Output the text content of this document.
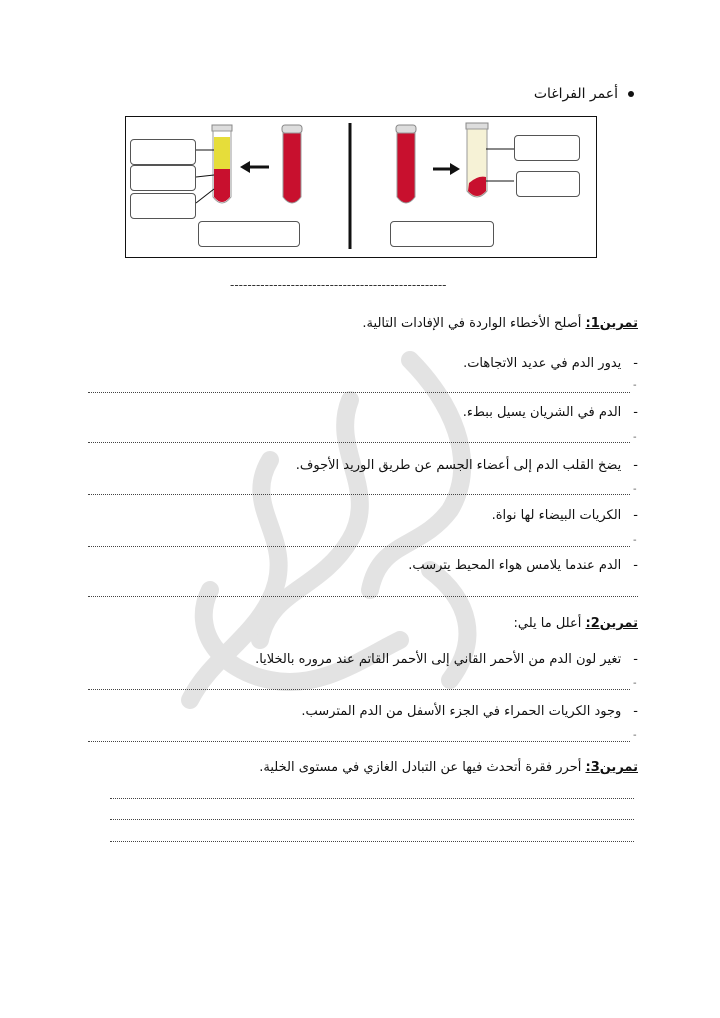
أعمر الفراغات
--------------------------------------------------
تمرين1: أصلح الأخطاء الواردة في الإفادات التالية.
-يدور الدم في عديد الاتجاهات.
-
-الدم في الشريان يسيل ببطء.
-
-يضخ القلب الدم إلى أعضاء الجسم عن طريق الوريد الأجوف.
-
-الكريات البيضاء لها نواة.
-
-الدم عندما يلامس هواء المحيط يترسب.
تمرين2: أعلل ما يلي:
-تغير لون الدم من الأحمر القاني إلى الأحمر القاتم عند مروره بالخلايا.
-
-وجود الكريات الحمراء في الجزء الأسفل من الدم المترسب.
-
تمرين3: أحرر فقرة أتحدث فيها عن التبادل الغازي في مستوى الخلية.
